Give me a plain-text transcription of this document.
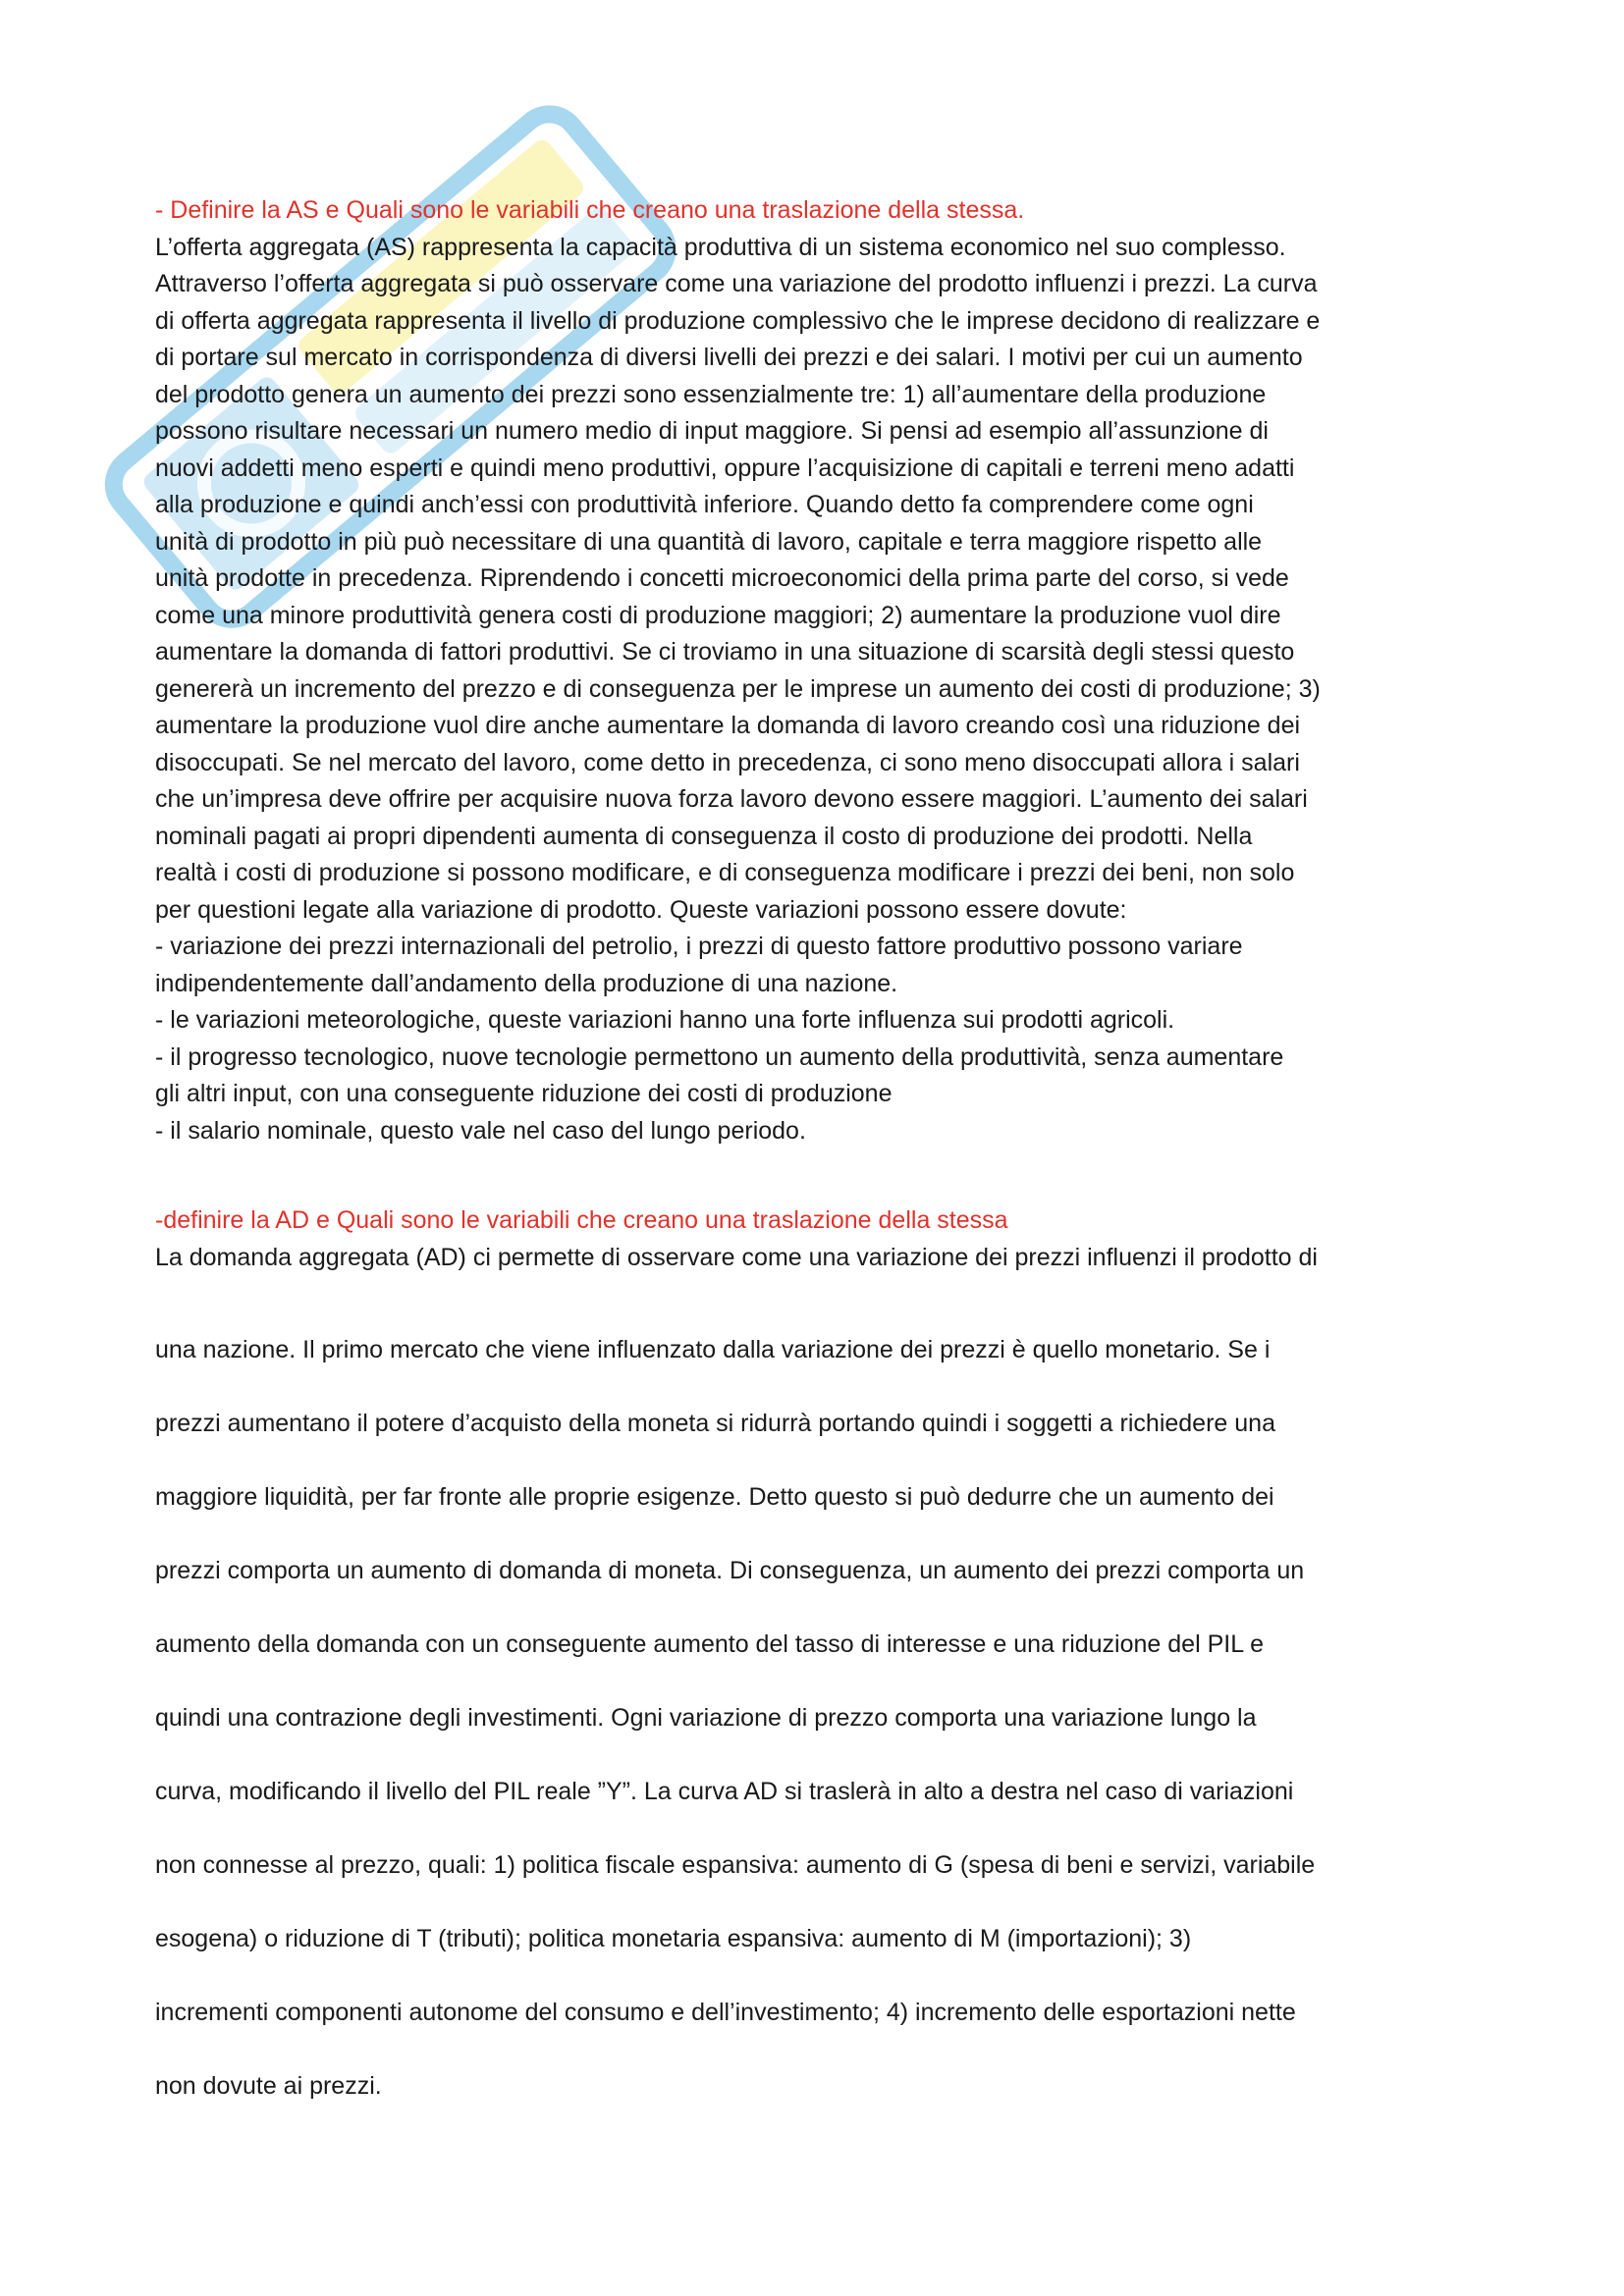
- Definire la AS e Quali sono le variabili che creano una traslazione della stessa.

L’offerta aggregata (AS) rappresenta la capacità produttiva di un sistema economico nel suo complesso.
Attraverso l’offerta aggregata si può osservare come una variazione del prodotto influenzi i prezzi. La curva
di offerta aggregata rappresenta il livello di produzione complessivo che le imprese decidono di realizzare e
di portare sul mercato in corrispondenza di diversi livelli dei prezzi e dei salari. I motivi per cui un aumento
del prodotto genera un aumento dei prezzi sono essenzialmente tre: 1) all’aumentare della produzione
possono risultare necessari un numero medio di input maggiore. Si pensi ad esempio all’assunzione di
nuovi addetti meno esperti e quindi meno produttivi, oppure l’acquisizione di capitali e terreni meno adatti
alla produzione e quindi anch’essi con produttività inferiore. Quando detto fa comprendere come ogni
unità di prodotto in più può necessitare di una quantità di lavoro, capitale e terra maggiore rispetto alle
unità prodotte in precedenza. Riprendendo i concetti microeconomici della prima parte del corso, si vede
come una minore produttività genera costi di produzione maggiori; 2) aumentare la produzione vuol dire
aumentare la domanda di fattori produttivi. Se ci troviamo in una situazione di scarsità degli stessi questo
genererà un incremento del prezzo e di conseguenza per le imprese un aumento dei costi di produzione; 3)
aumentare la produzione vuol dire anche aumentare la domanda di lavoro creando così una riduzione dei
disoccupati. Se nel mercato del lavoro, come detto in precedenza, ci sono meno disoccupati allora i salari
che un’impresa deve offrire per acquisire nuova forza lavoro devono essere maggiori. L’aumento dei salari
nominali pagati ai propri dipendenti aumenta di conseguenza il costo di produzione dei prodotti. Nella
realtà i costi di produzione si possono modificare, e di conseguenza modificare i prezzi dei beni, non solo
per questioni legate alla variazione di prodotto. Queste variazioni possono essere dovute:
- variazione dei prezzi internazionali del petrolio, i prezzi di questo fattore produttivo possono variare
indipendentemente dall’andamento della produzione di una nazione.
- le variazioni meteorologiche, queste variazioni hanno una forte influenza sui prodotti agricoli.
- il progresso tecnologico, nuove tecnologie permettono un aumento della produttività, senza aumentare
gli altri input, con una conseguente riduzione dei costi di produzione
- il salario nominale, questo vale nel caso del lungo periodo.

-definire la AD e Quali sono le variabili che creano una traslazione della stessa

La domanda aggregata (AD) ci permette di osservare come una variazione dei prezzi influenzi il prodotto di
una nazione. Il primo mercato che viene influenzato dalla variazione dei prezzi è quello monetario. Se i
prezzi aumentano il potere d’acquisto della moneta si ridurrà portando quindi i soggetti a richiedere una
maggiore liquidità, per far fronte alle proprie esigenze. Detto questo si può dedurre che un aumento dei
prezzi comporta un aumento di domanda di moneta. Di conseguenza, un aumento dei prezzi comporta un
aumento della domanda con un conseguente aumento del tasso di interesse e una riduzione del PIL e
quindi una contrazione degli investimenti. Ogni variazione di prezzo comporta una variazione lungo la
curva, modificando il livello del PIL reale ”Y”. La curva AD si traslerà in alto a destra nel caso di variazioni
non connesse al prezzo, quali: 1) politica fiscale espansiva: aumento di G (spesa di beni e servizi, variabile
esogena) o riduzione di T (tributi); politica monetaria espansiva: aumento di M (importazioni); 3)
incrementi componenti autonome del consumo e dell’investimento; 4) incremento delle esportazioni nette
non dovute ai prezzi.
